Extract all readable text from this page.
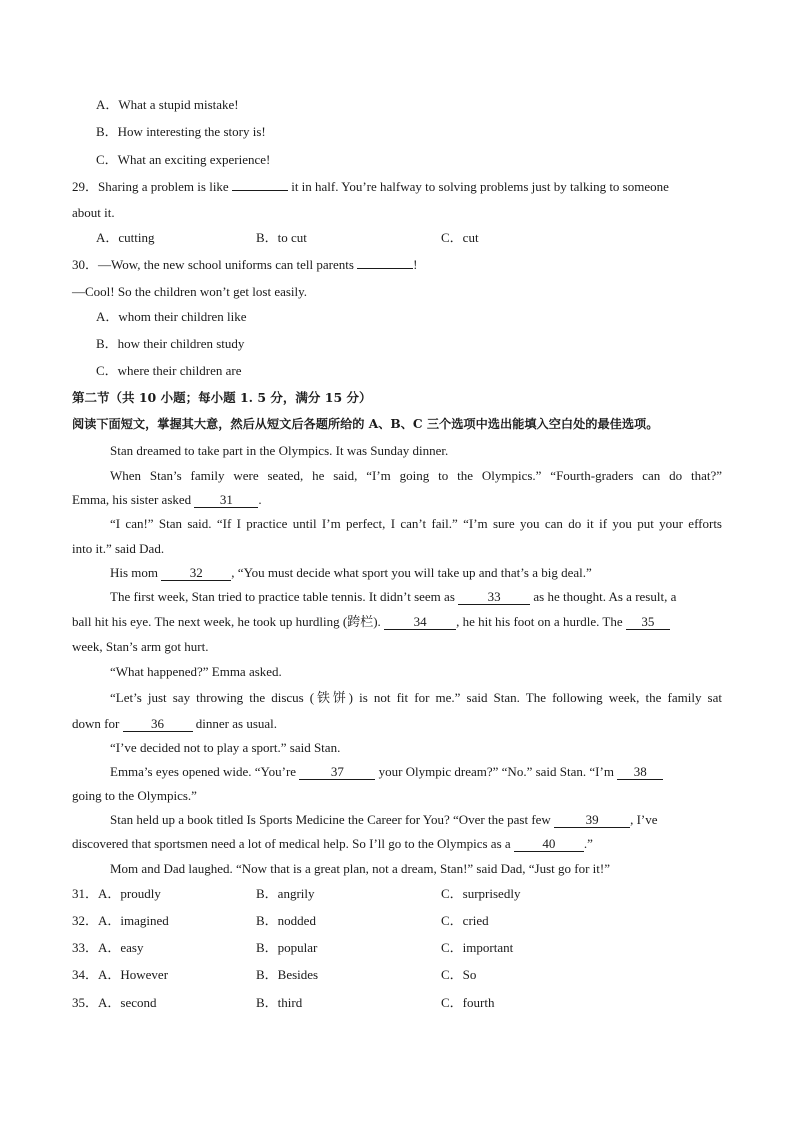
A．What a stupid mistake!
B．How interesting the story is!
C．What an exciting experience!
29．Sharing a problem is like	it in half. You’re halfway to solving problems just by talking to someone
about it.
A．cutting	B．to cut	C．cut
30．—Wow, the new school uniforms can tell parents	!
—Cool! So the children won’t get lost easily.
A．whom their children like
B．how their children study
C．where their children are
第二节（共 10 小题；每小题 1. 5 分，满分 15 分）
阅读下面短文，掌握其大意，然后从短文后各题所给的 A、B、C 三个选项中选出能填入空白处的最佳选项。
Stan dreamed to take part in the Olympics. It was Sunday dinner.
When Stan’s family were seated, he said, “I’m going to the Olympics.” “Fourth-graders can do that?”
Emma, his sister asked 31 .
“I can!” Stan said. “If I practice until I’m perfect, I can’t fail.” “I’m sure you can do it if you put your efforts
into it.” said Dad.
His mom 32 , “You must decide what sport you will take up and that’s a big deal.”
The first week, Stan tried to practice table tennis. It didn’t seem as 33 as he thought. As a result, a
ball hit his eye. The next week, he took up hurdling (跨栏). 34 , he hit his foot on a hurdle. The 35
week, Stan’s arm got hurt.
“What happened?” Emma asked.
“Let’s just say throwing the discus (铁饼) is not fit for me.” said Stan. The following week, the family sat
down for 36 dinner as usual.
“I’ve decided not to play a sport.” said Stan.
Emma’s eyes opened wide. “You’re 37 your Olympic dream?” “No.” said Stan. “I’m 38
going to the Olympics.”
Stan held up a book titled Is Sports Medicine the Career for You? “Over the past few 39 , I’ve
discovered that sportsmen need a lot of medical help. So I’ll go to the Olympics as a 40 .”
Mom and Dad laughed. “Now that is a great plan, not a dream, Stan!” said Dad, “Just go for it!”
31．A．proudly	B．angrily	C．surprisedly
32．A．imagined	B．nodded	C．cried
33．A．easy	B．popular	C．important
34．A．However	B．Besides	C．So
35．A．second	B．third	C．fourth
